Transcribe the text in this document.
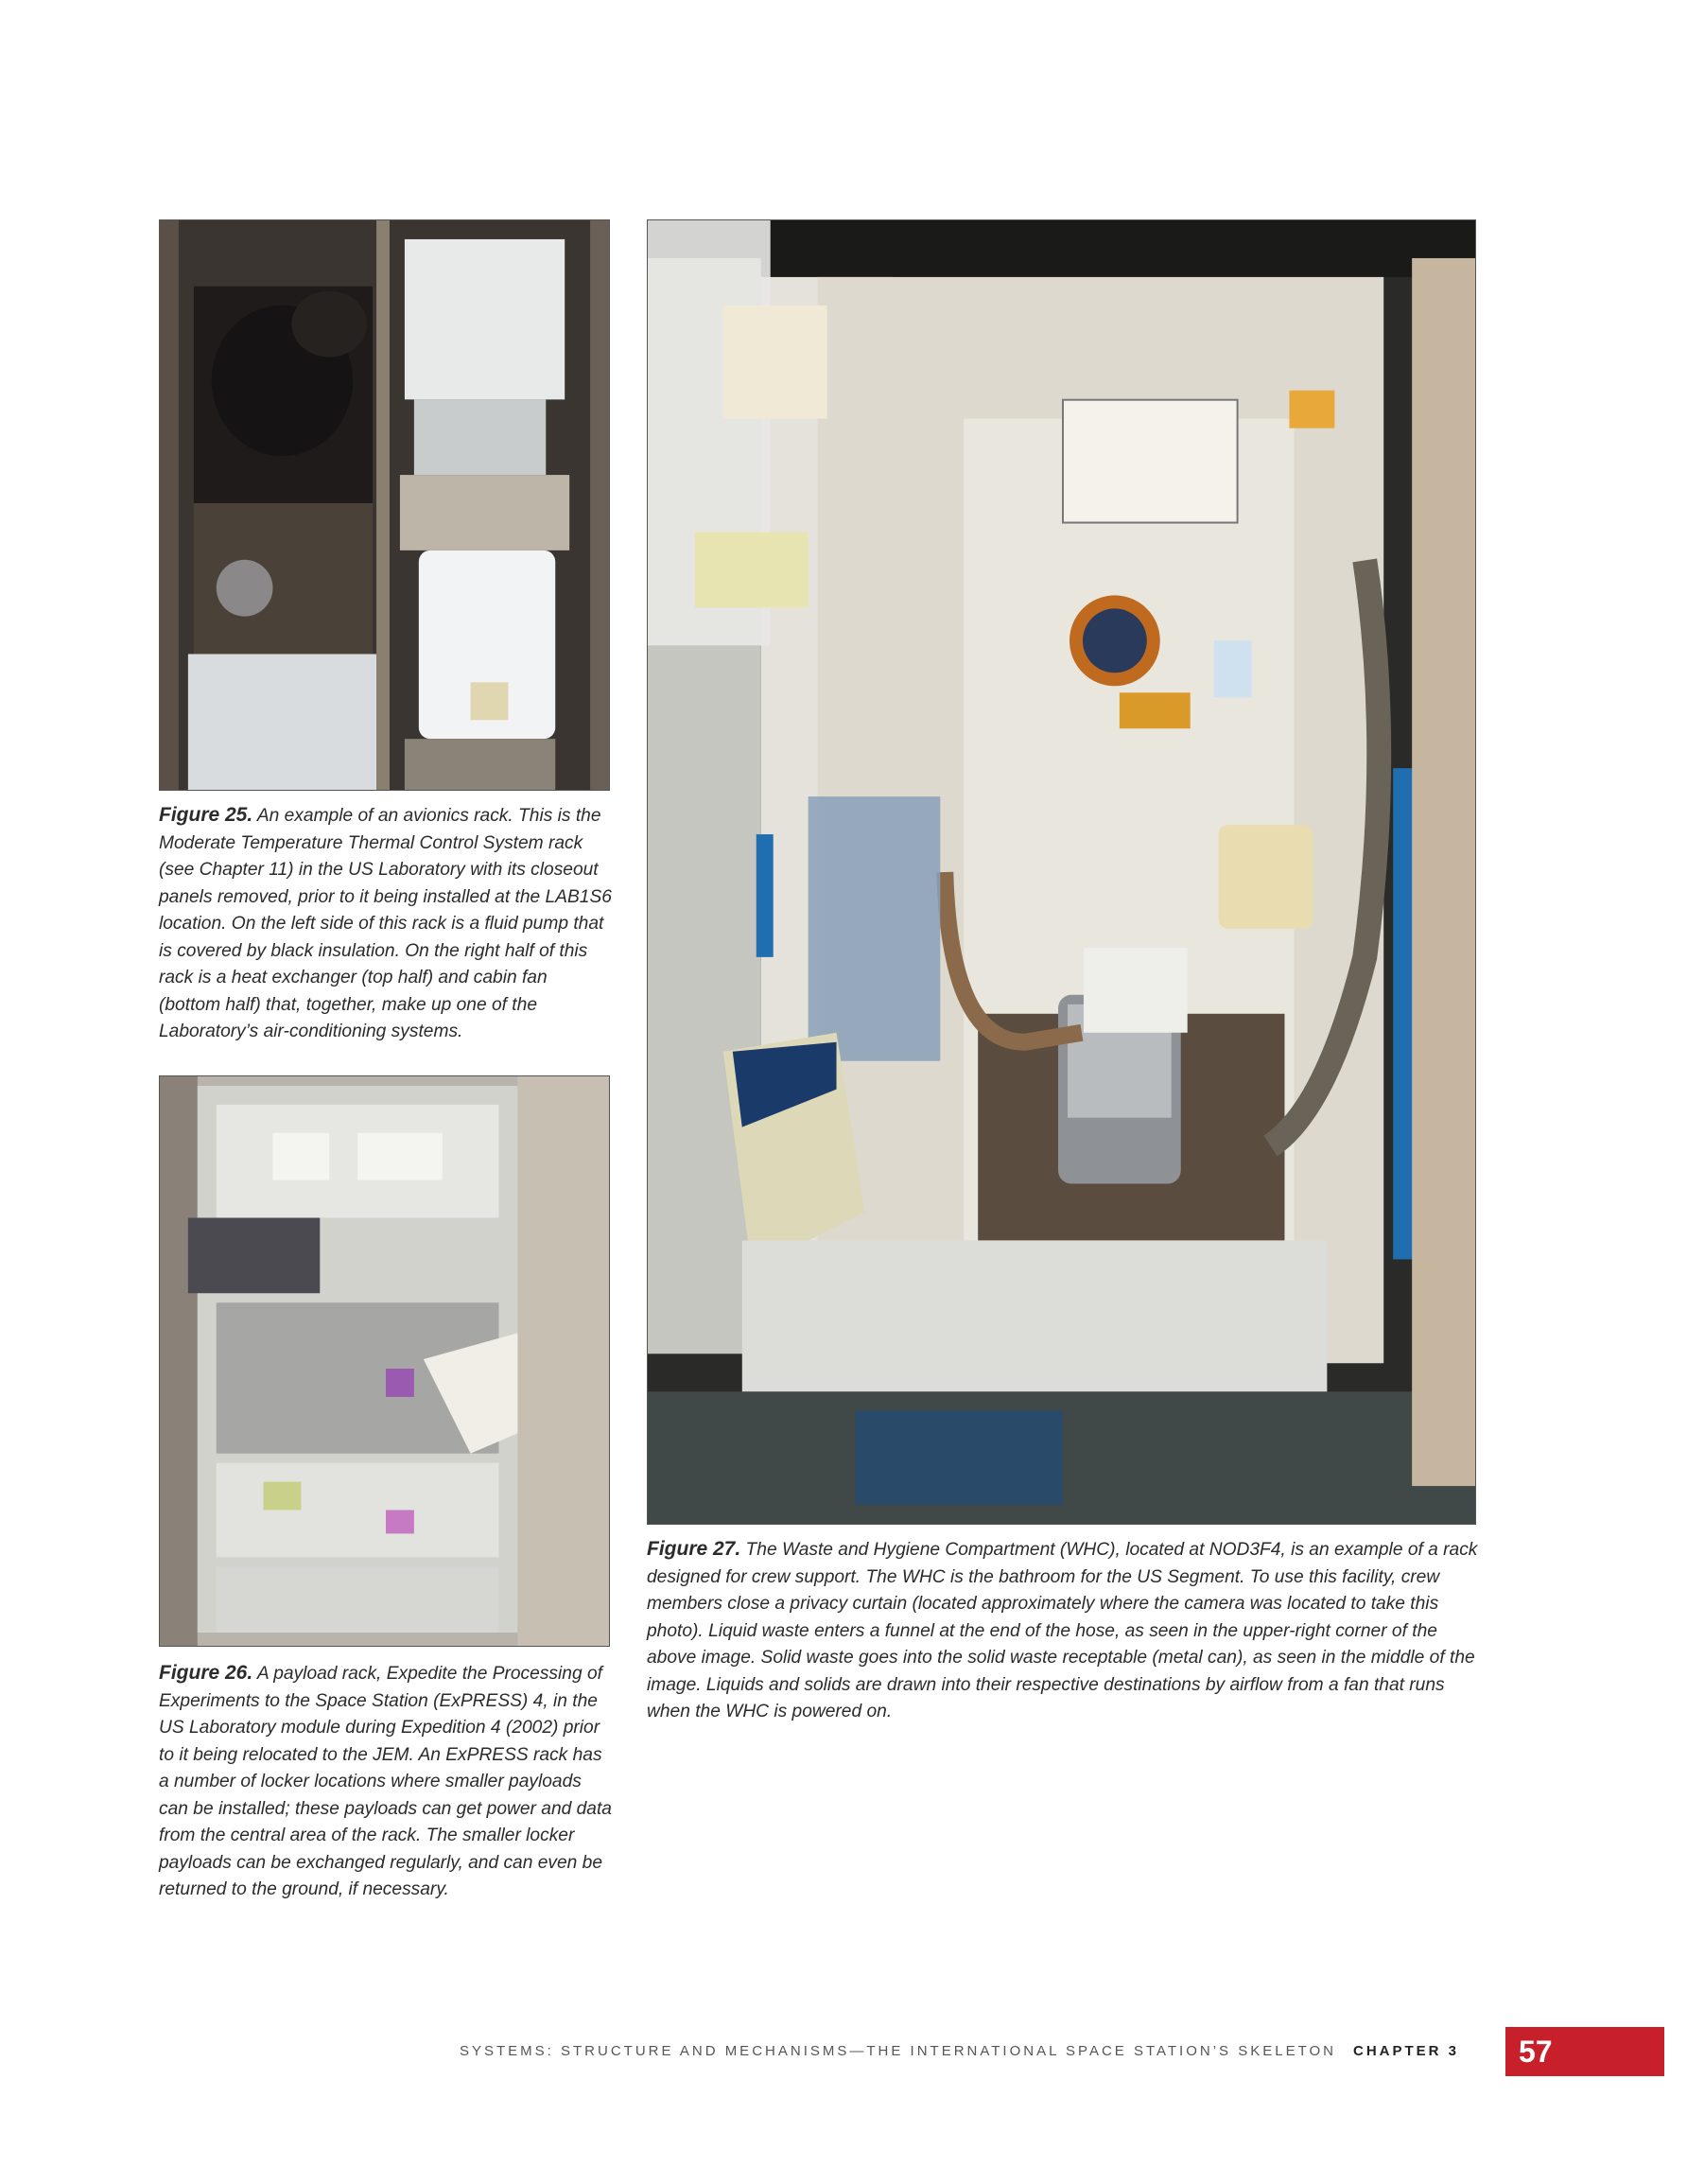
Figure 25. An example of an avionics rack. This is the Moderate Temperature Thermal Control System rack (see Chapter 11) in the US Laboratory with its closeout panels removed, prior to it being installed at the LAB1S6 location. On the left side of this rack is a fluid pump that is covered by black insulation. On the right half of this rack is a heat exchanger (top half) and cabin fan (bottom half) that, together, make up one of the Laboratory’s air-conditioning systems.
Figure 26. A payload rack, Expedite the Processing of Experiments to the Space Station (ExPRESS) 4, in the US Laboratory module during Expedition 4 (2002) prior to it being relocated to the JEM. An ExPRESS rack has a number of locker locations where smaller payloads can be installed; these payloads can get power and data from the central area of the rack. The smaller locker payloads can be exchanged regularly, and can even be returned to the ground, if necessary.
Figure 27. The Waste and Hygiene Compartment (WHC), located at NOD3F4, is an example of a rack designed for crew support. The WHC is the bathroom for the US Segment. To use this facility, crew members close a privacy curtain (located approximately where the camera was located to take this photo). Liquid waste enters a funnel at the end of the hose, as seen in the upper-right corner of the above image. Solid waste goes into the solid waste receptable (metal can), as seen in the middle of the image. Liquids and solids are drawn into their respective destinations by airflow from a fan that runs when the WHC is powered on.
SYSTEMS: STRUCTURE AND MECHANISMS—THE INTERNATIONAL SPACE STATION’S SKELETON CHAPTER 3	57
